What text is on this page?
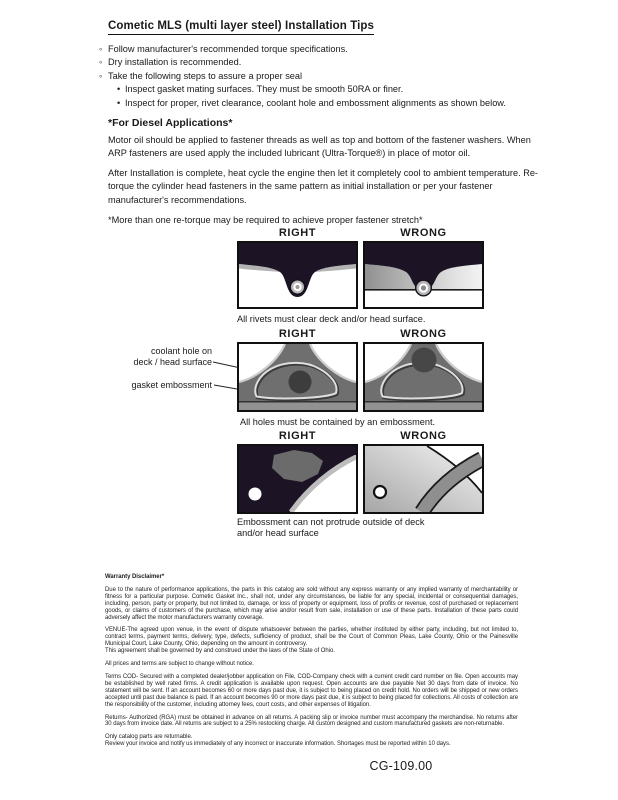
Cometic MLS (multi layer steel) Installation Tips
◦ Follow manufacturer's recommended torque specifications.
◦ Dry installation is recommended.
◦ Take the following steps to assure a proper seal
• Inspect gasket mating surfaces. They must be smooth 50RA or finer.
• Inspect for proper, rivet clearance, coolant hole and embossment alignments as shown below.
*For Diesel Applications*
Motor oil should be applied to fastener threads as well as top and bottom of the fastener washers. When ARP fasteners are used apply the included lubricant (Ultra-Torque®) in place of motor oil.
After Installation is complete, heat cycle the engine then let it completely cool to ambient temperature. Re-torque the cylinder head fasteners in the same pattern as initial installation or per your fastener manufacturer's recommendations.
*More than one re-torque may be required to achieve proper fastener stretch*
RIGHT	WRONG
All rivets must clear deck and/or head surface.
RIGHT	WRONG
coolant hole on
deck / head surface
gasket embossment
All holes must be contained by an embossment.
RIGHT	WRONG
Embossment can not protrude outside of deck
and/or head surface
Warranty Disclaimer*
Due to the nature of performance applications, the parts in this catalog are sold without any express warranty or any implied warranty of merchantability or fitness for a particular purpose. Cometic Gasket Inc., shall not, under any circumstances, be liable for any special, incidental or consequential damages, including, person, party or property, but not limited to, damage, or loss of property or equipment, loss of profits or revenue, cost of purchased or replacement goods, or claims of customers of the purchase, which may arise and/or result from sale, installation or use of these parts. Installation of these parts could adversely affect the motor manufacturers warranty coverage.
VENUE-The agreed upon venue, in the event of dispute whatsoever between the parties, whether instituted by either party, including, but not limited to, contract terms, payment terms, delivery, type, defects, sufficiency of product, shall be the Court of Common Pleas, Lake County, Ohio or the Painesville Municipal Court, Lake County, Ohio, depending on the amount in controversy.
This agreement shall be governed by and construed under the laws of the State of Ohio.
All prices and terms are subject to change without notice.
Terms COD- Secured with a completed dealer/jobber application on File, COD-Company check with a current credit card number on file. Open accounts may be established by well rated firms. A credit application is available upon request. Open accounts are due payable Net 30 days from date of invoice. No statement will be sent. If an account becomes 60 or more days past due, it is subject to being placed on credit hold. No orders will be shipped or new orders accepted until past due balance is paid. If an account becomes 90 or more days past due, it is subject to being placed for collections. All costs of collection are the responsibility of the customer, including attorney fees, court costs, and other expenses of litigation.
Returns- Authorized (RGA) must be obtained in advance on all returns. A packing slip or invoice number must accompany the merchandise. No returns after 30 days from invoice date. All returns are subject to a 25% restocking charge. All custom designed and custom manufactured gaskets are non-returnable.
Only catalog parts are returnable.
Review your invoice and notify us immediately of any incorrect or inaccurate information. Shortages must be reported within 10 days.
CG-109.00
